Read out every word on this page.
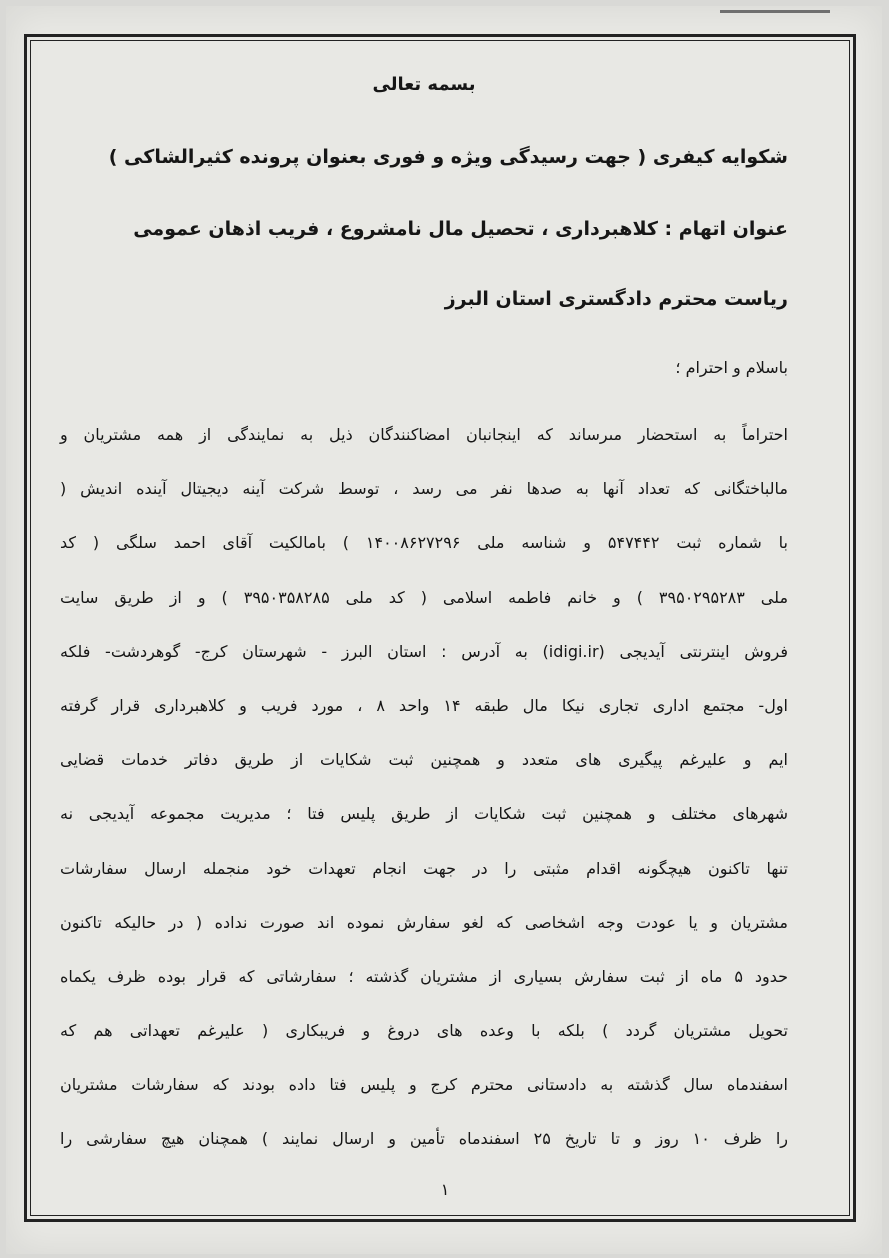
بسمه تعالی
شکوایه کیفری ( جهت رسیدگی ویژه و فوری بعنوان پرونده کثیرالشاکی )
عنوان اتهام : کلاهبرداری ، تحصیل مال نامشروع ، فریب اذهان عمومی
ریاست محترم دادگستری استان البرز
باسلام و احترام ؛
احتراماً به استحضار مىرساند که اینجانبان امضاکنندگان ذیل به نمایندگی از همه مشتریان و
مالباختگانی که تعداد آنها به صدها نفر می رسد ، توسط شرکت آینه دیجیتال آینده اندیش (
با شماره ثبت ۵۴۷۴۴۲ و شناسه ملی ۱۴۰۰۸۶۲۷۲۹۶ ) بامالکیت آقای احمد سلگی ( کد
ملی ۳۹۵۰۲۹۵۲۸۳ ) و خانم فاطمه اسلامی ( کد ملی ۳۹۵۰۳۵۸۲۸۵ ) و از طریق سایت
فروش اینترنتی آیدیجی (idigi.ir) به آدرس : استان البرز - شهرستان کرج- گوهردشت- فلکه
اول- مجتمع اداری تجاری نیکا مال طبقه ۱۴ واحد ۸ ، مورد فریب و کلاهبرداری قرار گرفته
ایم و علیرغم پیگیری های متعدد و همچنین ثبت شکایات از طریق دفاتر خدمات قضایی
شهرهای مختلف و همچنین ثبت شکایات از طریق پلیس فتا ؛ مدیریت مجموعه آیدیجی نه
تنها تاکنون هیچگونه اقدام مثبتی را در جهت انجام تعهدات خود منجمله ارسال سفارشات
مشتریان و یا عودت وجه اشخاصی که لغو سفارش نموده اند صورت نداده ( در حالیکه تاکنون
حدود ۵ ماه از ثبت سفارش بسیاری از مشتریان گذشته ؛ سفارشاتی که قرار بوده ظرف یکماه
تحویل مشتریان گردد ) بلکه با وعده های دروغ و فریبکاری ( علیرغم تعهداتی هم که
اسفندماه سال گذشته به دادستانی محترم کرج و پلیس فتا داده بودند که سفارشات مشتریان
را ظرف ۱۰ روز و تا تاریخ ۲۵ اسفندماه تأمین و ارسال نمایند ) همچنان هیچ سفارشی را
۱
